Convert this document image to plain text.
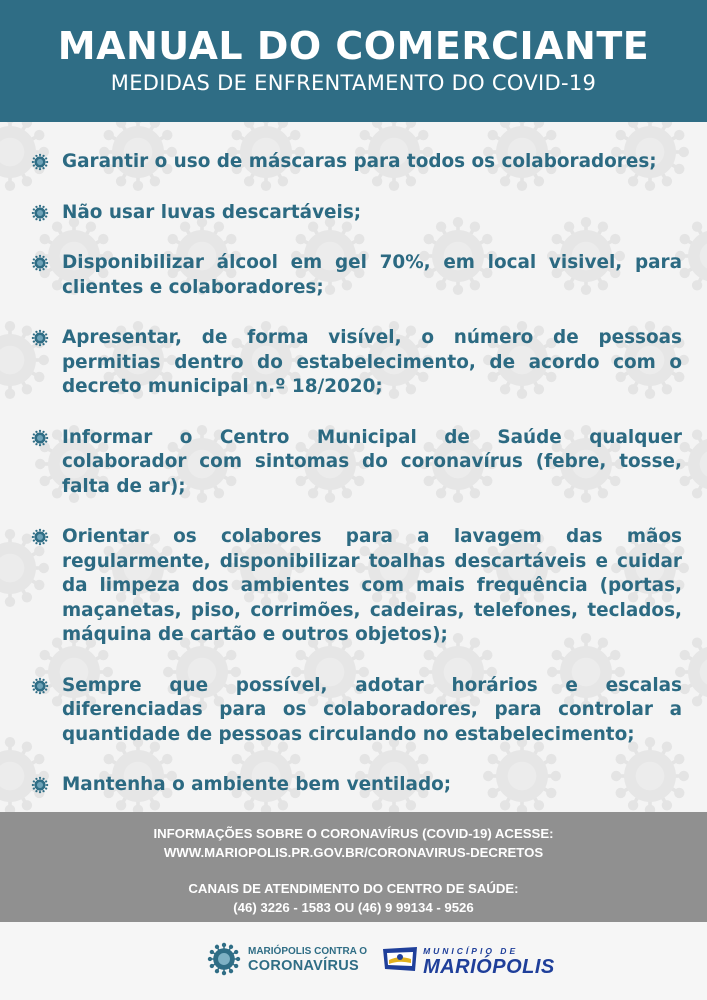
MANUAL DO COMERCIANTE
MEDIDAS DE ENFRENTAMENTO DO COVID-19
Garantir o uso de máscaras para todos os colaboradores;
Não usar luvas descartáveis;
Disponibilizar álcool em gel 70%, em local visivel, para clientes e colaboradores;
Apresentar, de forma visível, o número de pessoas permitias dentro do estabelecimento, de acordo com o decreto municipal n.º 18/2020;
Informar o Centro Municipal de Saúde qualquer colaborador com sintomas do coronavírus (febre, tosse, falta de ar);
Orientar os colabores para a lavagem das mãos regularmente, disponibilizar toalhas descartáveis e cuidar da limpeza dos ambientes com mais frequência (portas, maçanetas, piso, corrimões, cadeiras, telefones, teclados, máquina de cartão e outros objetos);
Sempre que possível, adotar horários e escalas diferenciadas para os colaboradores, para controlar a quantidade de pessoas circulando no estabelecimento;
Mantenha o ambiente bem ventilado;
INFORMAÇÕES SOBRE O CORONAVÍRUS (COVID-19) ACESSE:
WWW.MARIOPOLIS.PR.GOV.BR/CORONAVIRUS-DECRETOS
CANAIS DE ATENDIMENTO DO CENTRO DE SAÚDE:
(46) 3226 - 1583 OU (46) 9 99134 - 9526
MARIÓPOLIS CONTRA O
CORONAVÍRUS
MUNICÍPIO DE
MARIÓPOLIS
